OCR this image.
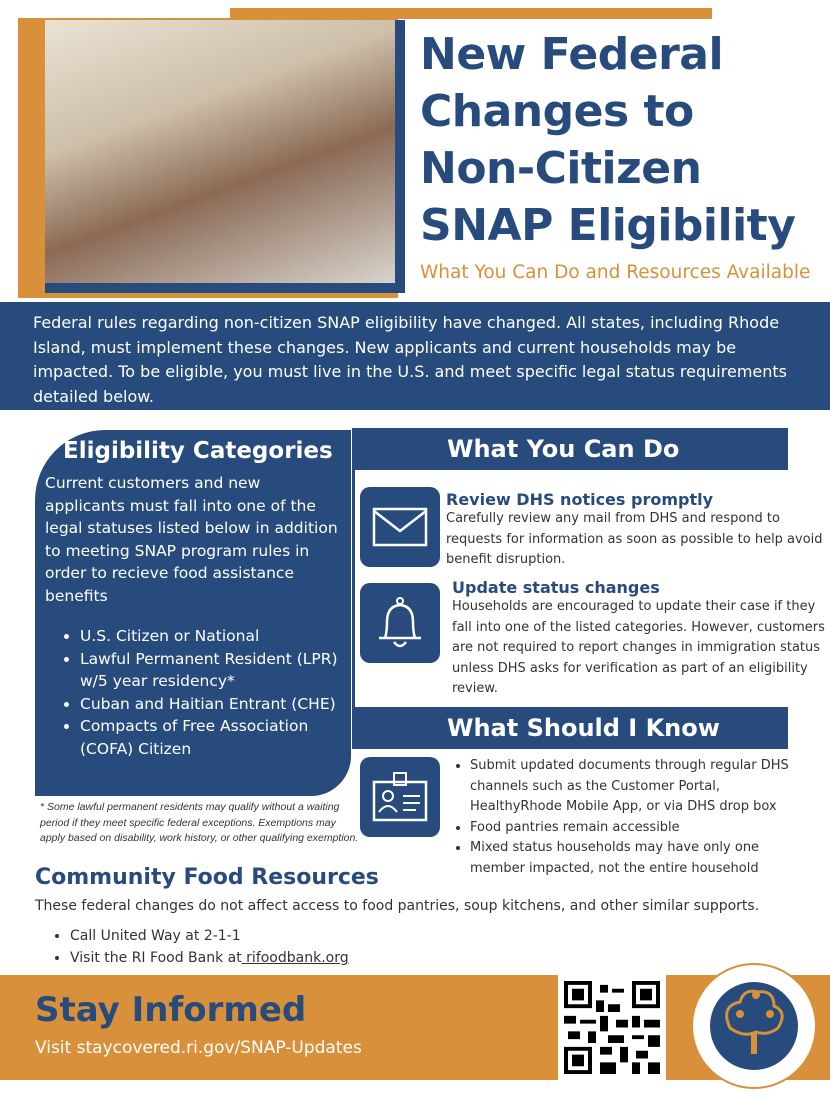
New Federal Changes to Non-Citizen SNAP Eligibility
What You Can Do and Resources Available
Federal rules regarding non-citizen SNAP eligibility have changed. All states, including Rhode Island, must implement these changes. New applicants and current households may be impacted. To be eligible, you must live in the U.S. and meet specific legal status requirements detailed below.
Eligibility Categories

Current customers and new applicants must fall into one of the legal statuses listed below in addition to meeting SNAP program rules in order to recieve food assistance benefits

• U.S. Citizen or National
• Lawful Permanent Resident (LPR) w/5 year residency*
• Cuban and Haitian Entrant (CHE)
• Compacts of Free Association (COFA) Citizen
* Some lawful permanent residents may qualify without a waiting period if they meet specific federal exceptions. Exemptions may apply based on disability, work history, or other qualifying exemption.
What You Can Do
Review DHS notices promptly

Carefully review any mail from DHS and respond to requests for information as soon as possible to help avoid benefit disruption.

Update status changes

Households are encouraged to update their case if they fall into one of the listed categories. However, customers are not required to report changes in immigration status unless DHS asks for verification as part of an eligibility review.

What Should I Know
• Submit updated documents through regular DHS channels such as the Customer Portal, HealthyRhode Mobile App, or via DHS drop box
• Food pantries remain accessible
• Mixed status households may have only one member impacted, not the entire household
Community Food Resources
These federal changes do not affect access to food pantries, soup kitchens, and other similar supports.
• Call United Way at 2-1-1
• Visit the RI Food Bank at rifoodbank.org
Stay Informed
Visit staycovered.ri.gov/SNAP-Updates
